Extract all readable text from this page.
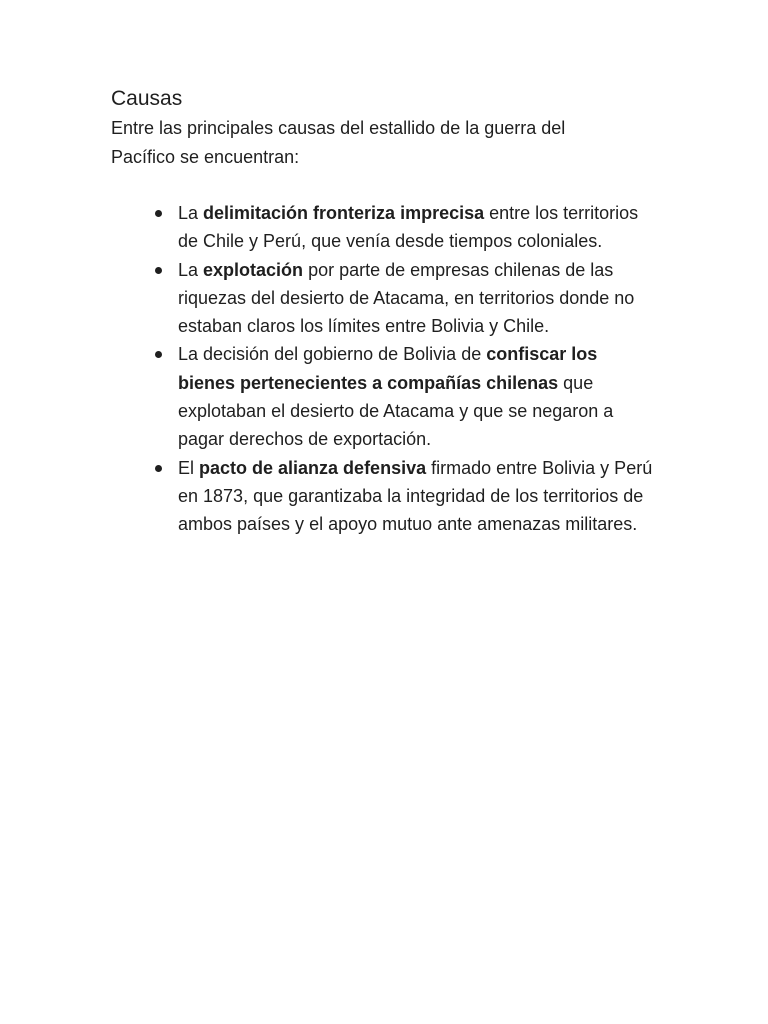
Causas

Entre las principales causas del estallido de la guerra del Pacífico se encuentran:

La delimitación fronteriza imprecisa entre los territorios de Chile y Perú, que venía desde tiempos coloniales.
La explotación por parte de empresas chilenas de las riquezas del desierto de Atacama, en territorios donde no estaban claros los límites entre Bolivia y Chile.
La decisión del gobierno de Bolivia de confiscar los bienes pertenecientes a compañías chilenas que explotaban el desierto de Atacama y que se negaron a pagar derechos de exportación.
El pacto de alianza defensiva firmado entre Bolivia y Perú en 1873, que garantizaba la integridad de los territorios de ambos países y el apoyo mutuo ante amenazas militares.
